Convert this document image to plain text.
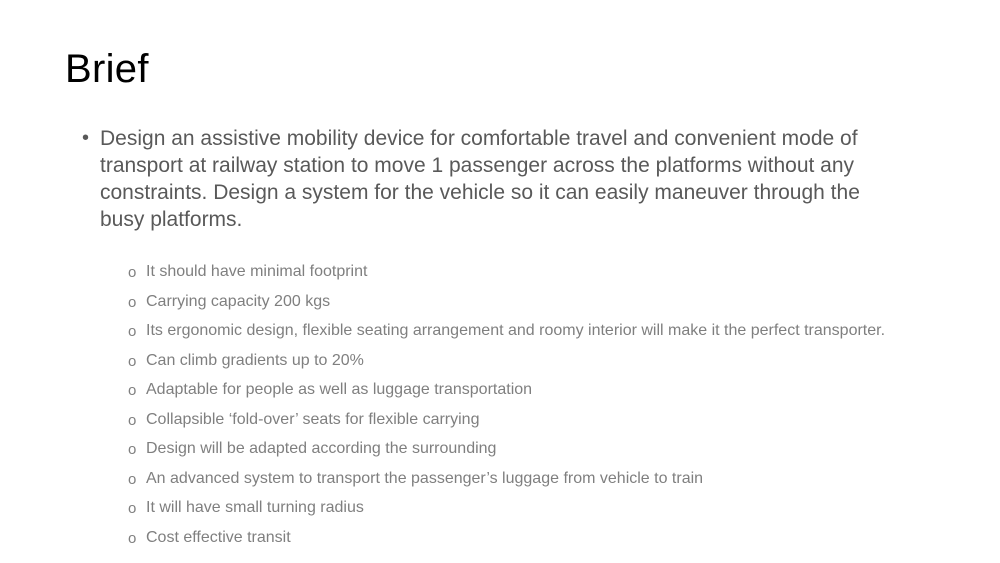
Brief
• Design an assistive mobility device for comfortable travel and convenient mode of transport at railway station to move 1 passenger across the platforms without any constraints. Design a system for the vehicle so it can easily maneuver through the busy platforms.
o It should have minimal footprint
o Carrying capacity 200 kgs
o Its ergonomic design, flexible seating arrangement and roomy interior will make it the perfect transporter.
o Can climb gradients up to 20%
o Adaptable for people as well as luggage transportation
o Collapsible ‘fold-over’ seats for flexible carrying
o Design will be adapted according the surrounding
o An advanced system to transport the passenger’s luggage from vehicle to train
o It will have small turning radius
o Cost effective transit
